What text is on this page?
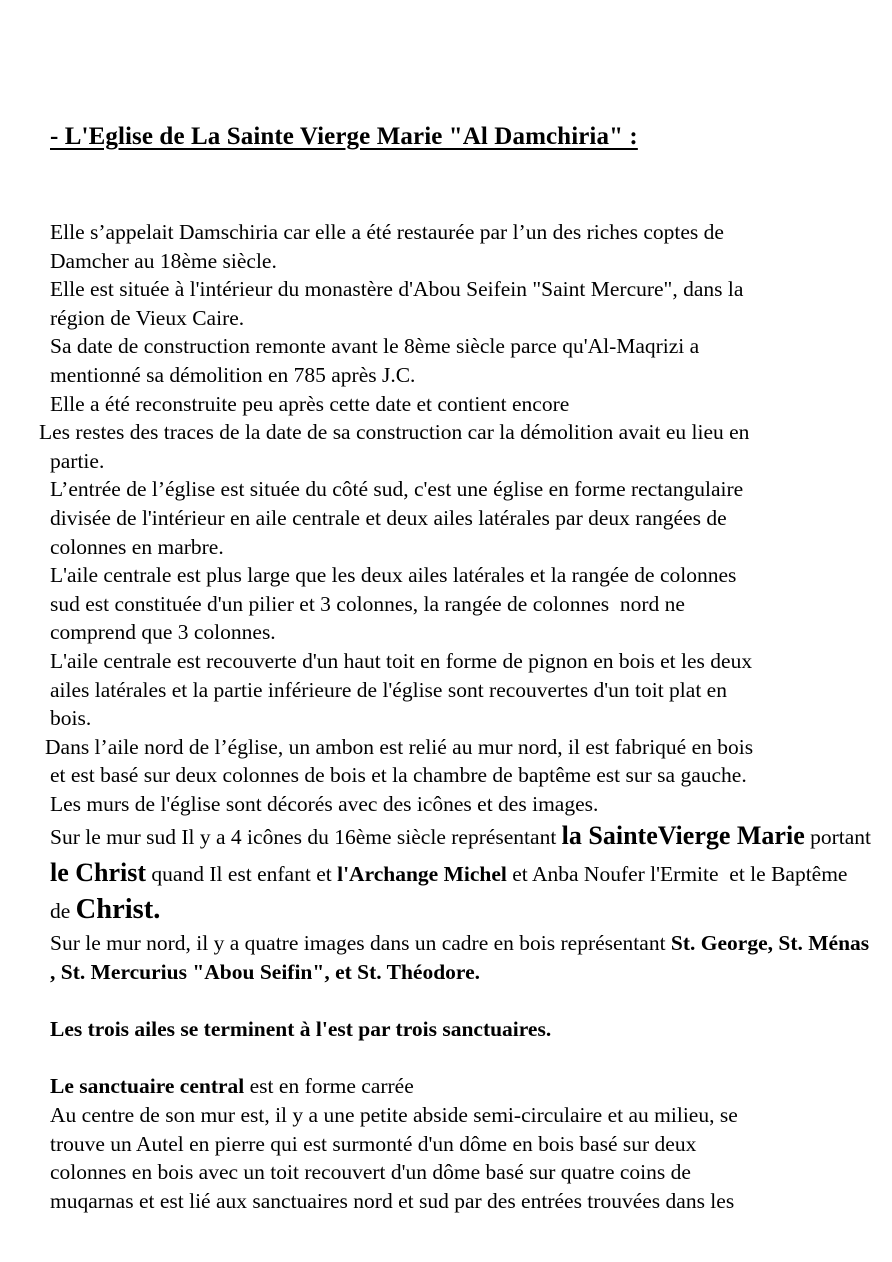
- L'Eglise de La Sainte Vierge Marie "Al Damchiria" :
Elle s’appelait Damschiria car elle a été restaurée par l’un des riches coptes de
Damcher au 18ème siècle.
Elle est située à l'intérieur du monastère d'Abou Seifein "Saint Mercure", dans la
région de Vieux Caire.
Sa date de construction remonte avant le 8ème siècle parce qu'Al-Maqrizi a
mentionné sa démolition en 785 après J.C.
Elle a été reconstruite peu après cette date et contient encore
Les restes des traces de la date de sa construction car la démolition avait eu lieu en
partie.
L’entrée de l’église est située du côté sud, c'est une église en forme rectangulaire
divisée de l'intérieur en aile centrale et deux ailes latérales par deux rangées de
colonnes en marbre.
L'aile centrale est plus large que les deux ailes latérales et la rangée de colonnes
sud est constituée d'un pilier et 3 colonnes, la rangée de colonnes  nord ne
comprend que 3 colonnes.
L'aile centrale est recouverte d'un haut toit en forme de pignon en bois et les deux
ailes latérales et la partie inférieure de l'église sont recouvertes d'un toit plat en
bois.
Dans l’aile nord de l’église, un ambon est relié au mur nord, il est fabriqué en bois
et est basé sur deux colonnes de bois et la chambre de baptême est sur sa gauche.
Les murs de l'église sont décorés avec des icônes et des images.
Sur le mur sud Il y a 4 icônes du 16ème siècle représentant la SainteVierge Marie portant le Christ quand Il est enfant et l'Archange Michel et Anba Noufer l'Ermite  et le Baptême de Christ.
Sur le mur nord, il y a quatre images dans un cadre en bois représentant St. George, St. Ménas , St. Mercurius "Abou Seifin", et St. Théodore.
Les trois ailes se terminent à l'est par trois sanctuaires.
Le sanctuaire central est en forme carrée
Au centre de son mur est, il y a une petite abside semi-circulaire et au milieu, se
trouve un Autel en pierre qui est surmonté d'un dôme en bois basé sur deux
colonnes en bois avec un toit recouvert d'un dôme basé sur quatre coins de
muqarnas et est lié aux sanctuaires nord et sud par des entrées trouvées dans les
